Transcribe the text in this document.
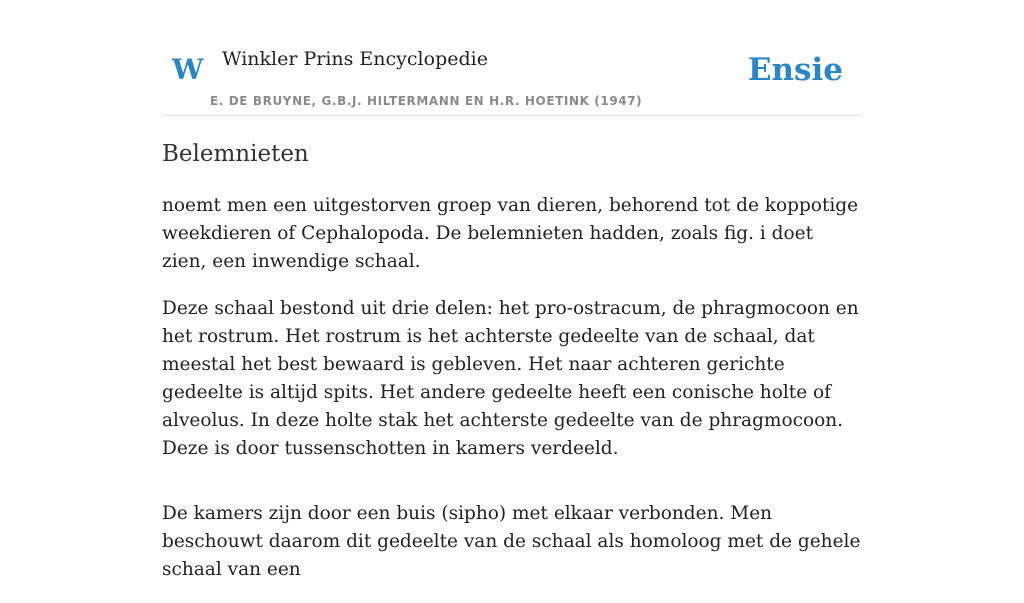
W Winkler Prins Encyclopedie
E. DE BRUYNE, G.B.J. HILTERMANN EN H.R. HOETINK (1947)
Ensie
Belemnieten

noemt men een uitgestorven groep van dieren, behorend tot de koppotige weekdieren of Cephalopoda. De belemnieten hadden, zoals fig. i doet zien, een inwendige schaal.

Deze schaal bestond uit drie delen: het pro-ostracum, de phragmocoon en het rostrum. Het rostrum is het achterste gedeelte van de schaal, dat meestal het best bewaard is gebleven. Het naar achteren gerichte gedeelte is altijd spits. Het andere gedeelte heeft een conische holte of alveolus. In deze holte stak het achterste gedeelte van de phragmocoon. Deze is door tussenschotten in kamers verdeeld.

De kamers zijn door een buis (sipho) met elkaar verbonden. Men beschouwt daarom dit gedeelte van de schaal als homoloog met de gehele schaal van een
